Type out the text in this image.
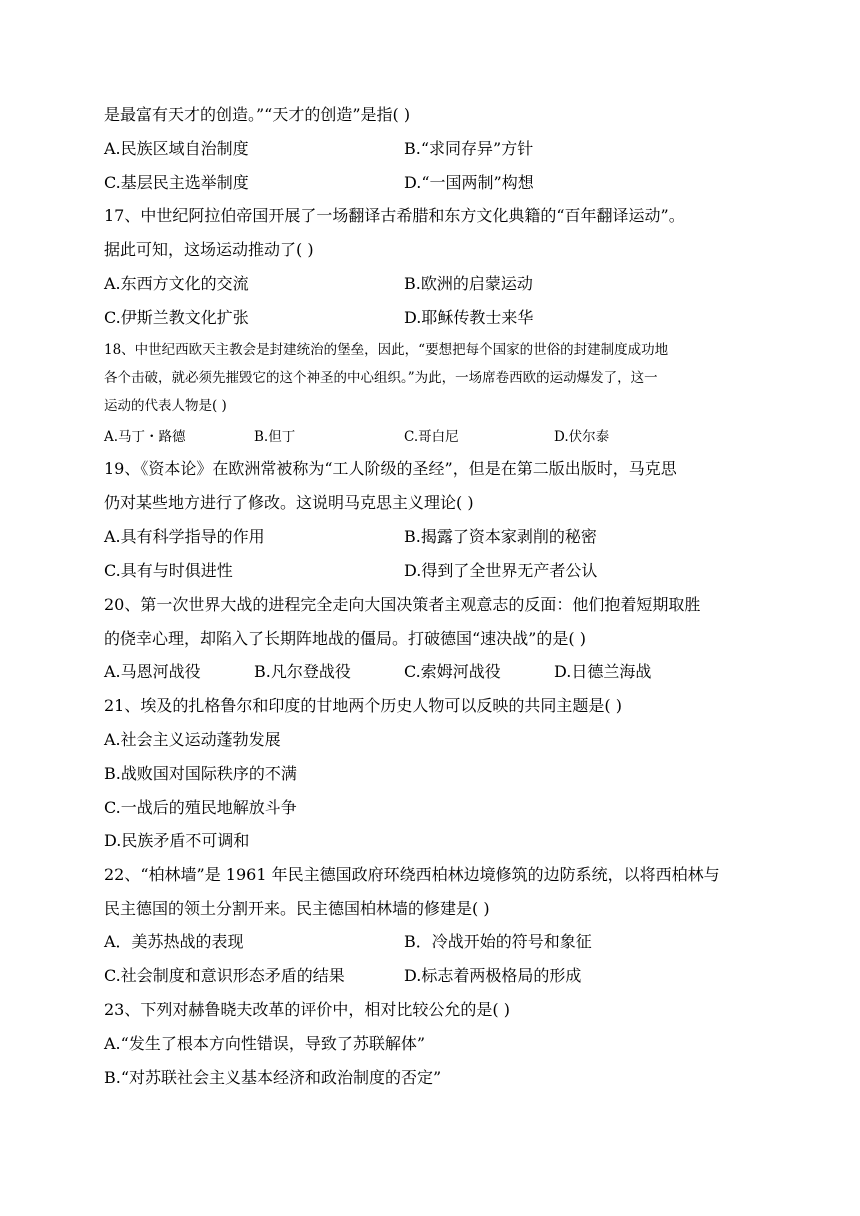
是最富有天才的创造。”“天才的创造”是指( )
A.民族区域自治制度	B.“求同存异”方针
C.基层民主选举制度	D.“一国两制”构想
17、中世纪阿拉伯帝国开展了一场翻译古希腊和东方文化典籍的“百年翻译运动”。
据此可知，这场运动推动了( )
A.东西方文化的交流	B.欧洲的启蒙运动
C.伊斯兰教文化扩张	D.耶稣传教士来华
18、中世纪西欧天主教会是封建统治的堡垒，因此，“要想把每个国家的世俗的封建制度成功地
各个击破，就必须先摧毁它的这个神圣的中心组织。”为此，一场席卷西欧的运动爆发了，这一
运动的代表人物是( )
A.马丁・路德	B.但丁	C.哥白尼	D.伏尔泰
19、《资本论》在欧洲常被称为“工人阶级的圣经”，但是在第二版出版时，马克思
仍对某些地方进行了修改。这说明马克思主义理论( )
A.具有科学指导的作用	B.揭露了资本家剥削的秘密
C.具有与时俱进性	D.得到了全世界无产者公认
20、第一次世界大战的进程完全走向大国决策者主观意志的反面：他们抱着短期取胜
的侥幸心理，却陷入了长期阵地战的僵局。打破德国“速决战”的是( )
A.马恩河战役	B.凡尔登战役	C.索姆河战役	D.日德兰海战
21、埃及的扎格鲁尔和印度的甘地两个历史人物可以反映的共同主题是( )
A.社会主义运动蓬勃发展
B.战败国对国际秩序的不满
C.一战后的殖民地解放斗争
D.民族矛盾不可调和
22、“柏林墙”是 1961 年民主德国政府环绕西柏林边境修筑的边防系统，以将西柏林与
民主德国的领土分割开来。民主德国柏林墙的修建是( )
A．美苏热战的表现	B．冷战开始的符号和象征
C.社会制度和意识形态矛盾的结果	D.标志着两极格局的形成
23、下列对赫鲁晓夫改革的评价中，相对比较公允的是( )
A.“发生了根本方向性错误，导致了苏联解体”
B.“对苏联社会主义基本经济和政治制度的否定”
